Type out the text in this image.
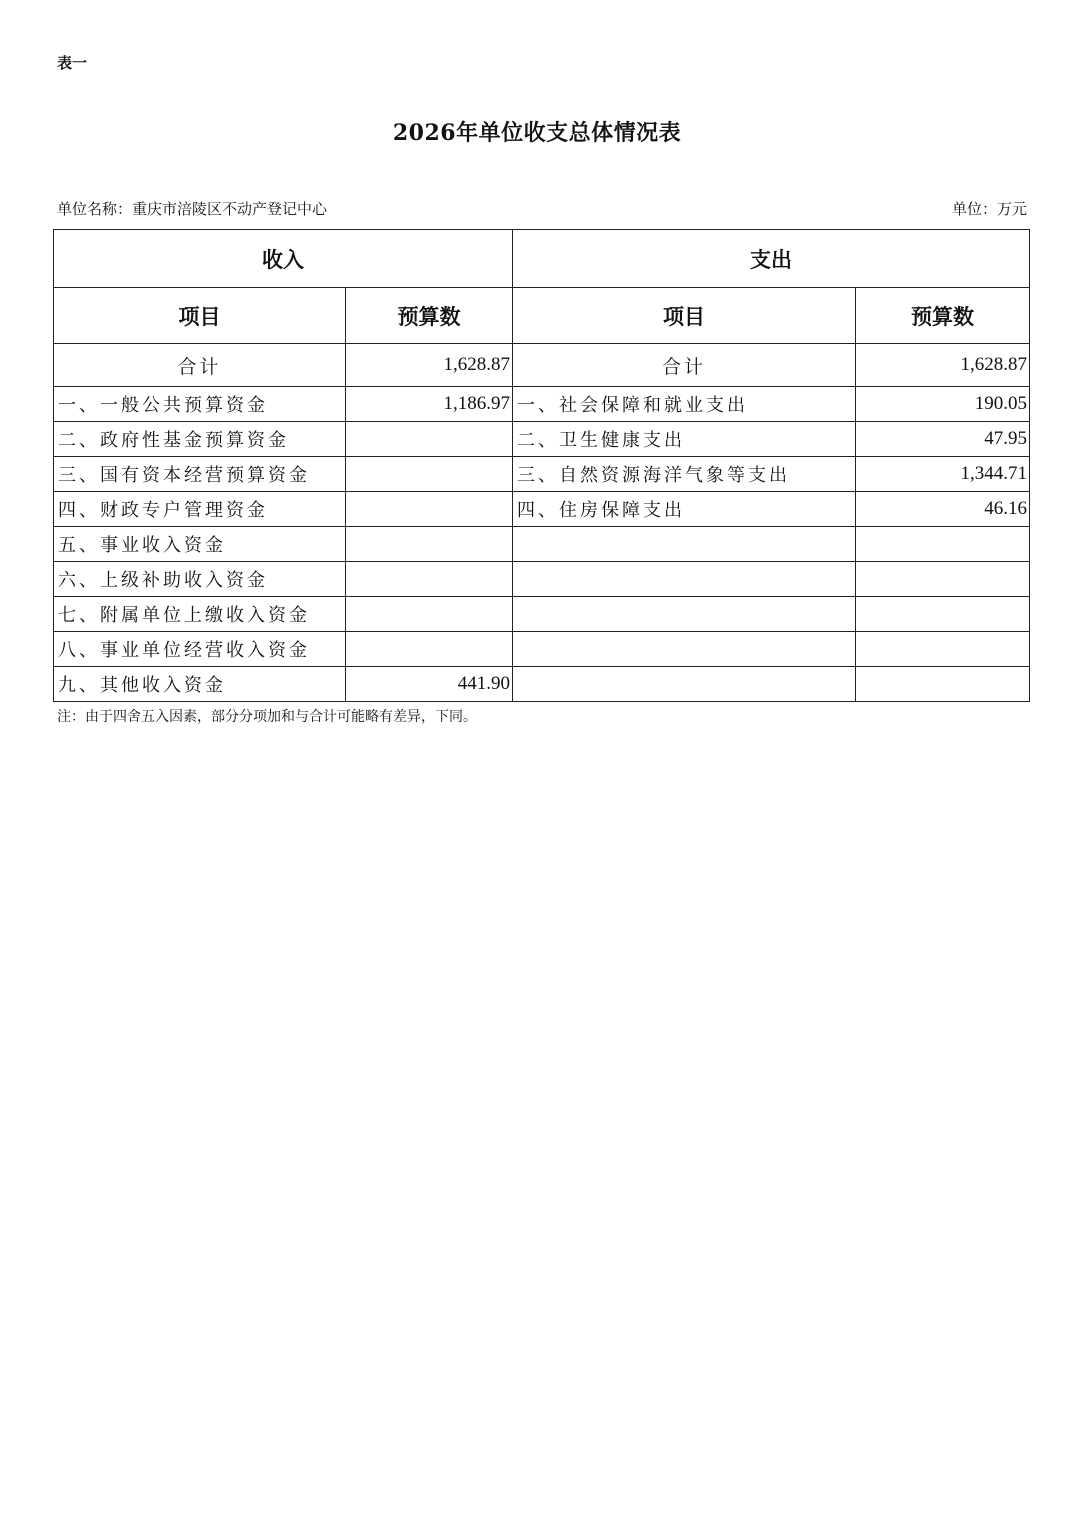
表一
2026年单位收支总体情况表
单位名称：重庆市涪陵区不动产登记中心	单位：万元
收入		支出	
项目	预算数	项目	预算数
合计	1,628.87	合计	1,628.87
一、一般公共预算资金	1,186.97	一、社会保障和就业支出	190.05
二、政府性基金预算资金		二、卫生健康支出	47.95
三、国有资本经营预算资金		三、自然资源海洋气象等支出	1,344.71
四、财政专户管理资金		四、住房保障支出	46.16
五、事业收入资金			
六、上级补助收入资金			
七、附属单位上缴收入资金			
八、事业单位经营收入资金			
九、其他收入资金	441.90		
注：由于四舍五入因素，部分分项加和与合计可能略有差异，下同。
